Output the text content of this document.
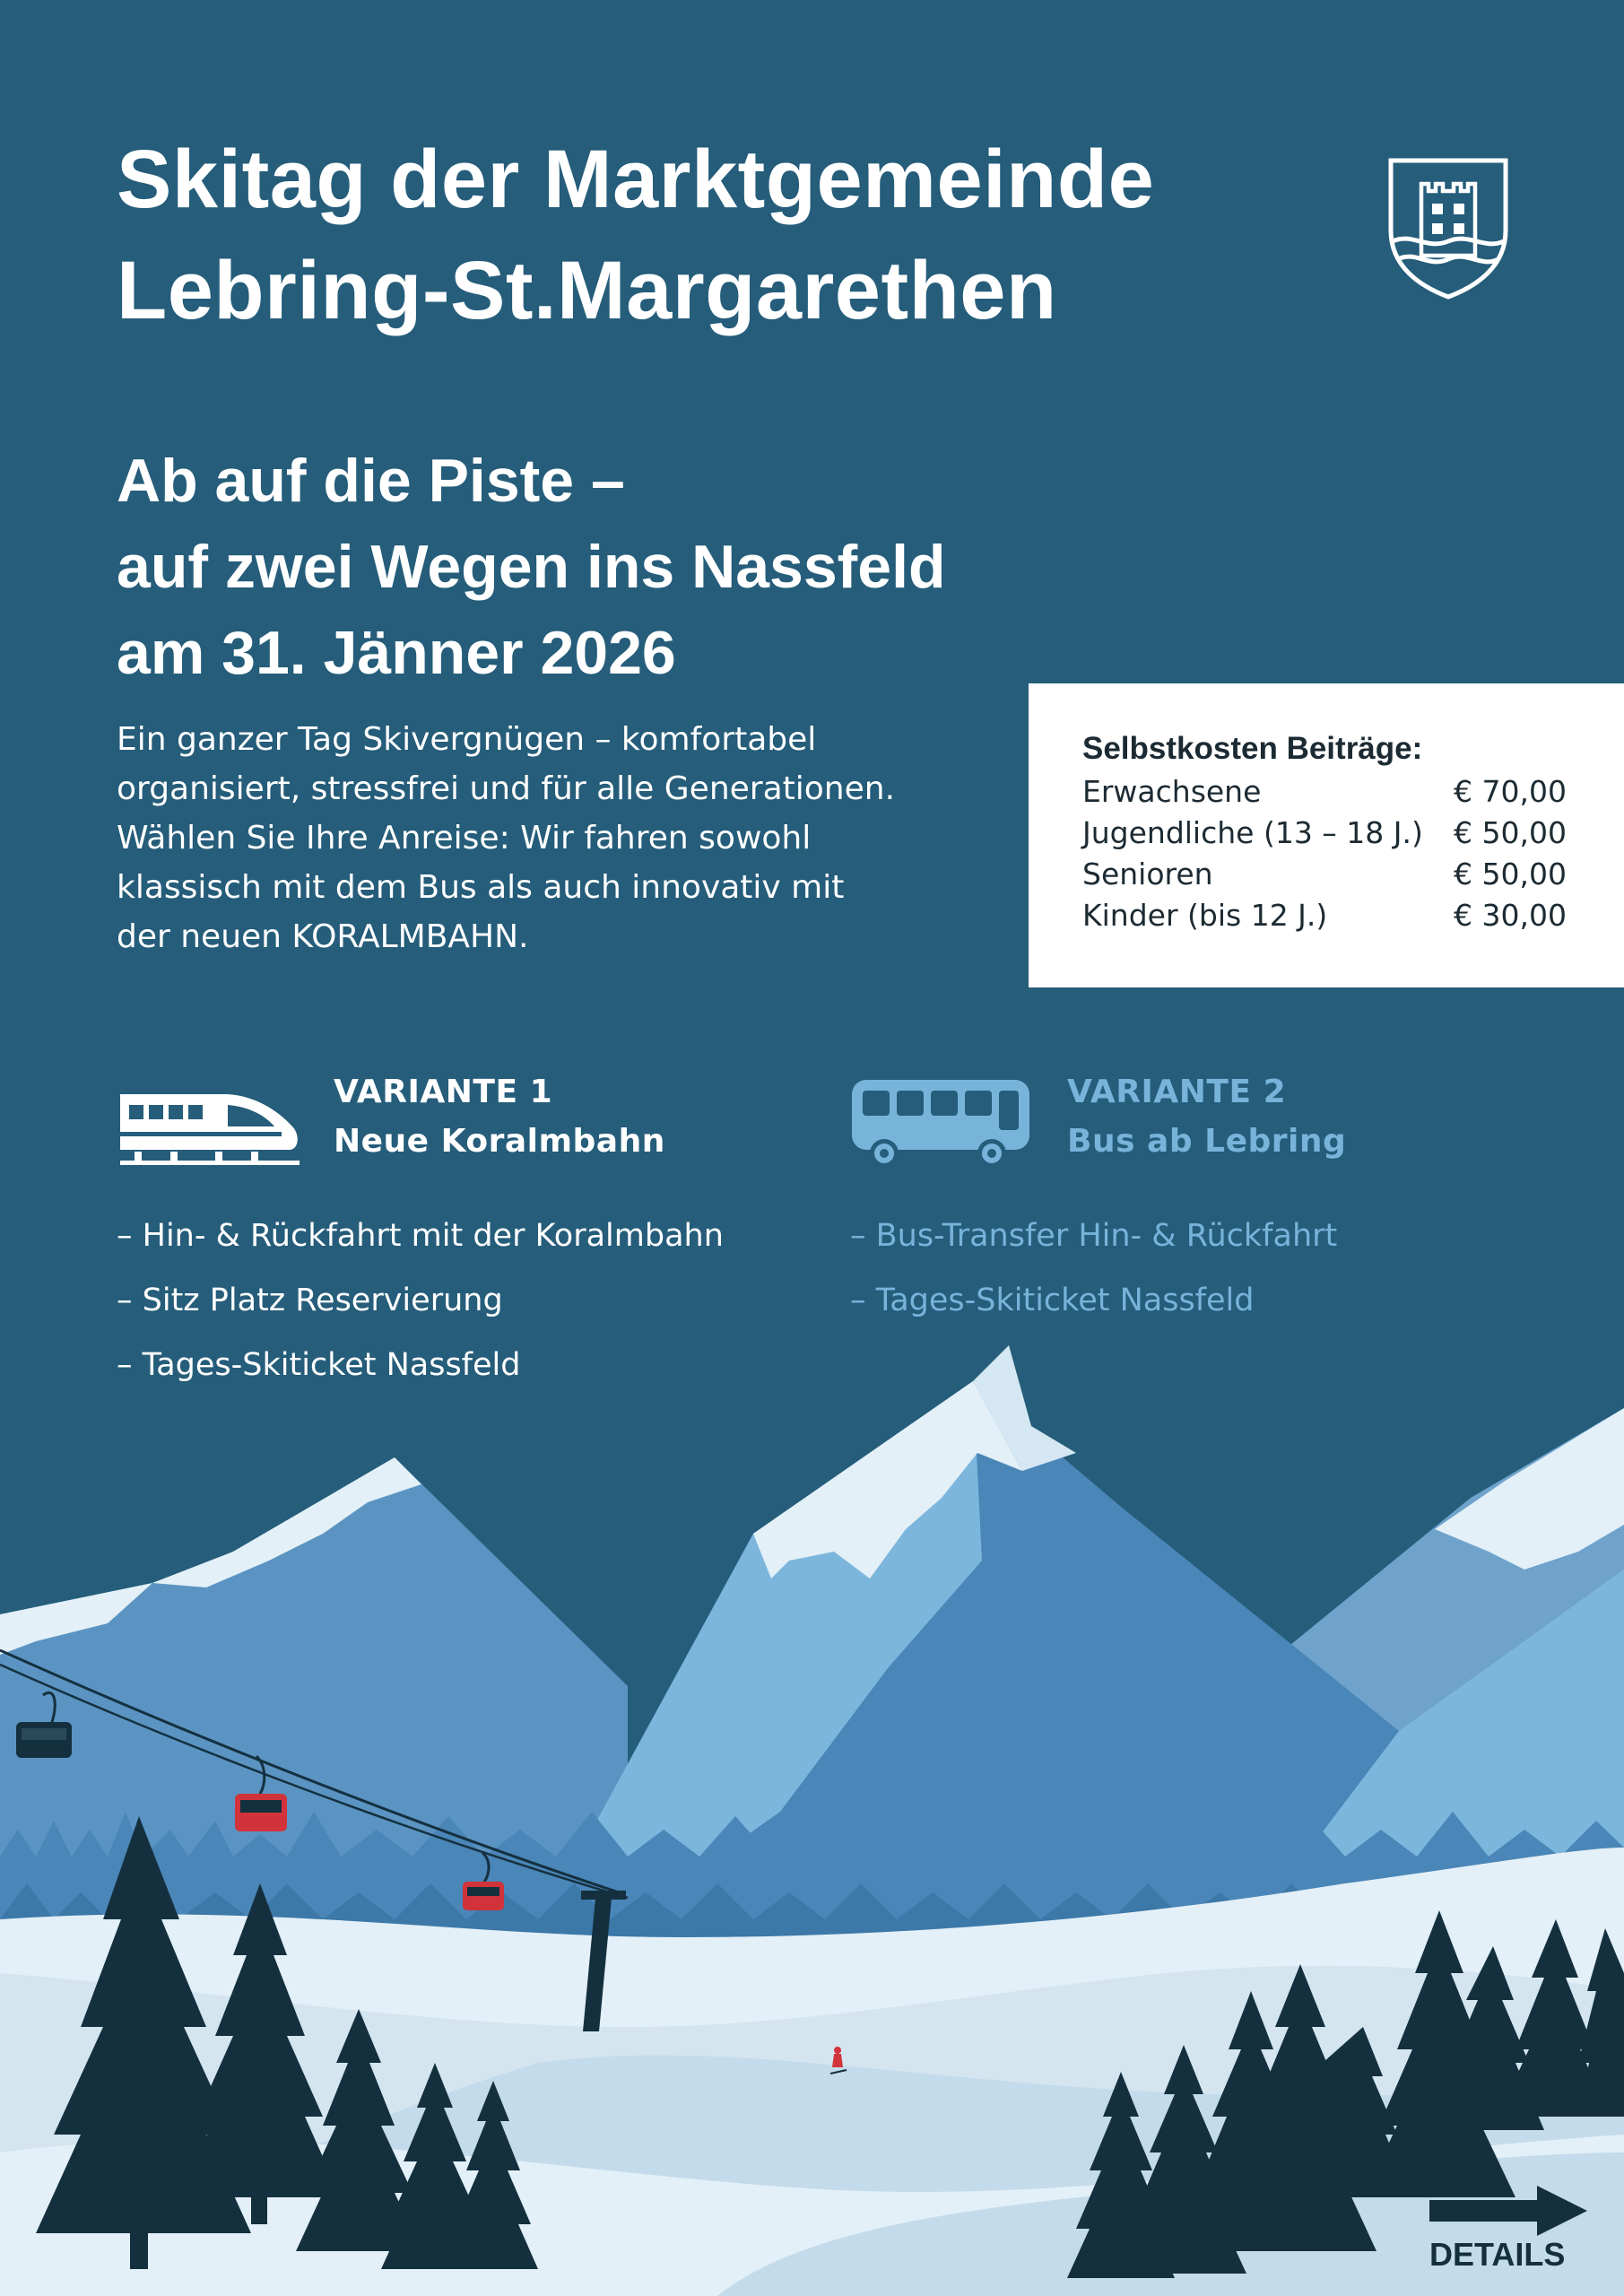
Skitag der Marktgemeinde
Lebring-St.Margarethen
Ab auf die Piste –
auf zwei Wegen ins Nassfeld
am 31. Jänner 2026
Ein ganzer Tag Skivergnügen – komfortabel
organisiert, stressfrei und für alle Generationen.
Wählen Sie Ihre Anreise: Wir fahren sowohl
klassisch mit dem Bus als auch innovativ mit
der neuen KORALMBAHN.
Selbstkosten Beiträge:
Erwachsene	€ 70,00
Jugendliche (13 – 18 J.) € 50,00
Senioren	€ 50,00
Kinder (bis 12 J.)	€ 30,00
VARIANTE 1
Neue Koralmbahn
– Hin- & Rückfahrt mit der Koralmbahn
– Sitz Platz Reservierung
– Tages-Skiticket Nassfeld
VARIANTE 2
Bus ab Lebring
– Bus-Transfer Hin- & Rückfahrt
– Tages-Skiticket Nassfeld
DETAILS
